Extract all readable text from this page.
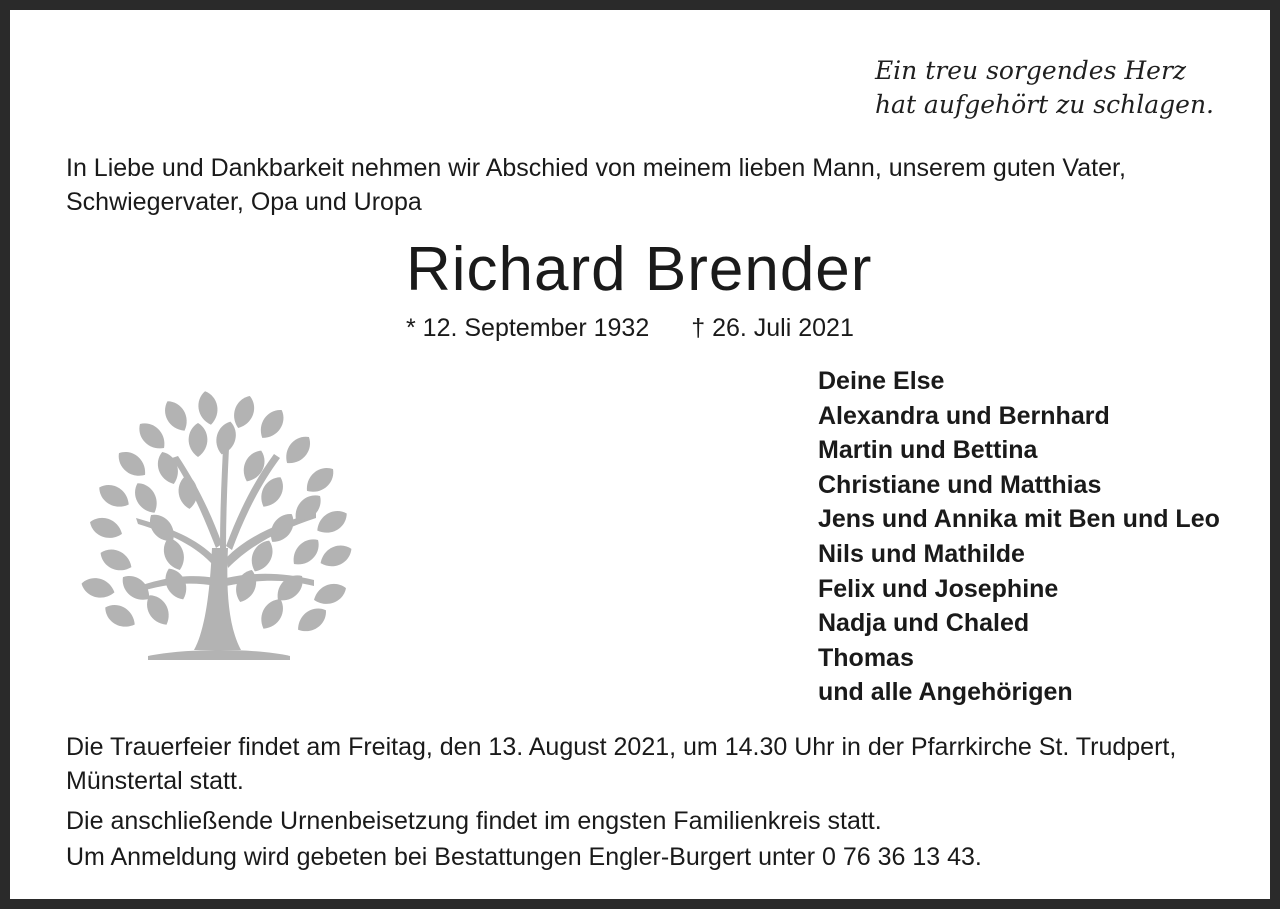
Ein treu sorgendes Herz
hat aufgehört zu schlagen.
In Liebe und Dankbarkeit nehmen wir Abschied von meinem lieben Mann, unserem guten Vater,
Schwiegervater, Opa und Uropa
Richard Brender
* 12. September 1932 † 26. Juli 2021
Deine Else
Alexandra und Bernhard
Martin und Bettina
Christiane und Matthias
Jens und Annika mit Ben und Leo
Nils und Mathilde
Felix und Josephine
Nadja und Chaled
Thomas
und alle Angehörigen
Die Trauerfeier findet am Freitag, den 13. August 2021, um 14.30 Uhr in der Pfarrkirche St. Trudpert,
Münstertal statt.
Die anschließende Urnenbeisetzung findet im engsten Familienkreis statt.
Um Anmeldung wird gebeten bei Bestattungen Engler-Burgert unter 0 76 36 13 43.
